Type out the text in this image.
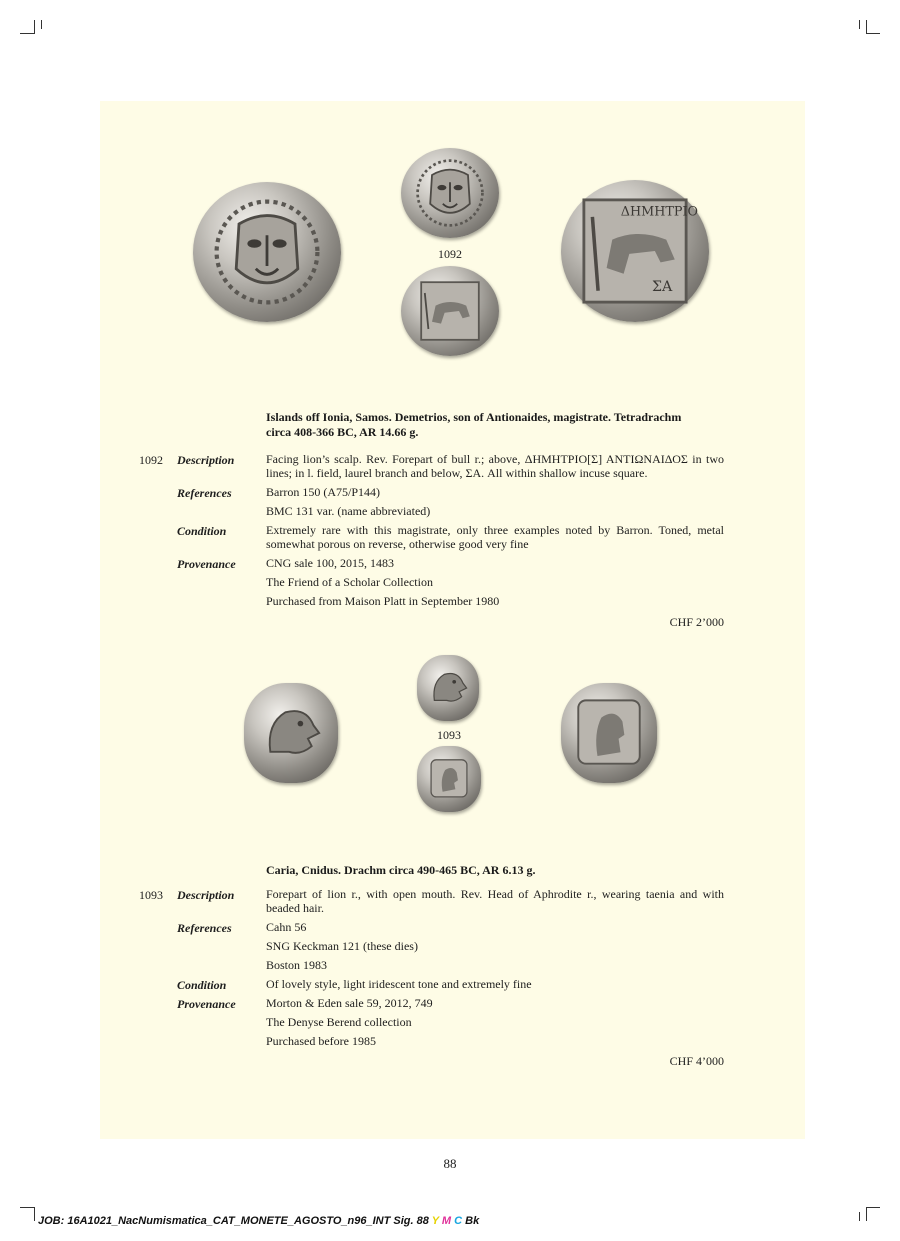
1092
ΔΗΜΗΤΡΙΟ
ΣΑ
Islands off Ionia, Samos. Demetrios, son of Antionaides, magistrate. Tetradrachm
circa 408-366 BC, AR 14.66 g.
1092 Description	Facing lion’s scalp. Rev. Forepart of bull r.; above, ΔΗΜΗΤΡΙΟ[Σ] ΑΝΤΙΩΝΑΙΔΟΣ in two lines; in l. field, laurel branch and below, ΣΑ. All within shallow incuse square.
References	Barron 150 (A75/P144)
BMC 131 var. (name abbreviated)
Condition	Extremely rare with this magistrate, only three examples noted by Barron. Toned, metal somewhat porous on reverse, otherwise good very fine
Provenance	CNG sale 100, 2015, 1483
The Friend of a Scholar Collection
Purchased from Maison Platt in September 1980
CHF 2’000
1093
Caria, Cnidus. Drachm circa 490-465 BC, AR 6.13 g.
1093 Description	Forepart of lion r., with open mouth. Rev. Head of Aphrodite r., wearing taenia and with beaded hair.
References	Cahn 56
SNG Keckman 121 (these dies)
Boston 1983
Condition	Of lovely style, light iridescent tone and extremely fine
Provenance	Morton & Eden sale 59, 2012, 749
The Denyse Berend collection
Purchased before 1985
CHF 4’000
88
JOB: 16A1021_NacNumismatica_CAT_MONETE_AGOSTO_n96_INT Sig. 88 Y M C Bk
